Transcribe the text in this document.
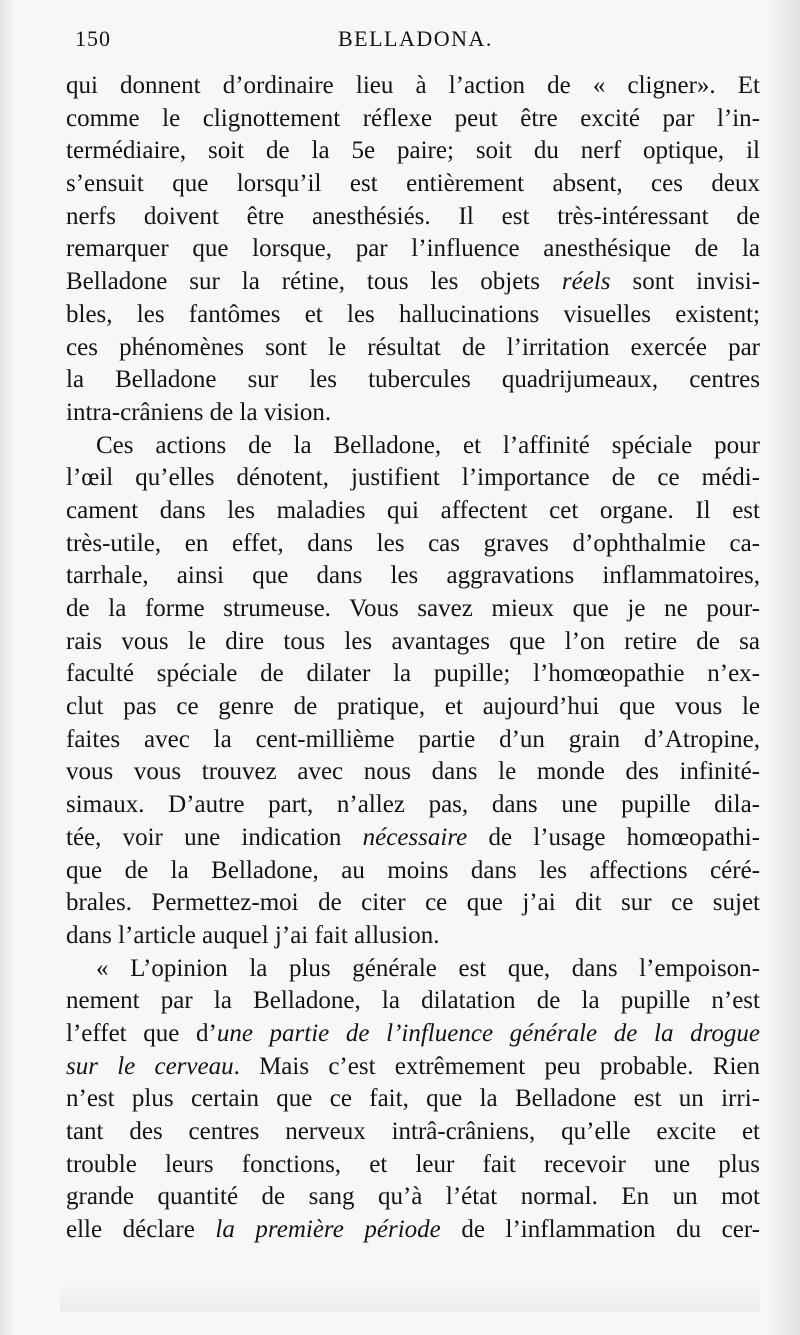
150	BELLADONA.
qui donnent d’ordinaire lieu à l’action de « cligner». Et
comme le clignottement réflexe peut être excité par l’in-
termédiaire, soit de la 5e paire; soit du nerf optique, il
s’ensuit que lorsqu’il est entièrement absent, ces deux
nerfs doivent être anesthésiés. Il est très-intéressant de
remarquer que lorsque, par l’influence anesthésique de la
Belladone sur la rétine, tous les objets réels sont invisi-
bles, les fantômes et les hallucinations visuelles existent;
ces phénomènes sont le résultat de l’irritation exercée par
la Belladone sur les tubercules quadrijumeaux, centres
intra-crâniens de la vision.
Ces actions de la Belladone, et l’affinité spéciale pour
l’œil qu’elles dénotent, justifient l’importance de ce médi-
cament dans les maladies qui affectent cet organe. Il est
très-utile, en effet, dans les cas graves d’ophthalmie ca-
tarrhale, ainsi que dans les aggravations inflammatoires,
de la forme strumeuse. Vous savez mieux que je ne pour-
rais vous le dire tous les avantages que l’on retire de sa
faculté spéciale de dilater la pupille; l’homœopathie n’ex-
clut pas ce genre de pratique, et aujourd’hui que vous le
faites avec la cent-millième partie d’un grain d’Atropine,
vous vous trouvez avec nous dans le monde des infinité-
simaux. D’autre part, n’allez pas, dans une pupille dila-
tée, voir une indication nécessaire de l’usage homœopathi-
que de la Belladone, au moins dans les affections céré-
brales. Permettez-moi de citer ce que j’ai dit sur ce sujet
dans l’article auquel j’ai fait allusion.
« L’opinion la plus générale est que, dans l’empoison-
nement par la Belladone, la dilatation de la pupille n’est
l’effet que d’une partie de l’influence générale de la drogue
sur le cerveau. Mais c’est extrêmement peu probable. Rien
n’est plus certain que ce fait, que la Belladone est un irri-
tant des centres nerveux intrâ-crâniens, qu’elle excite et
trouble leurs fonctions, et leur fait recevoir une plus
grande quantité de sang qu’à l’état normal. En un mot
elle déclare la première période de l’inflammation du cer-
